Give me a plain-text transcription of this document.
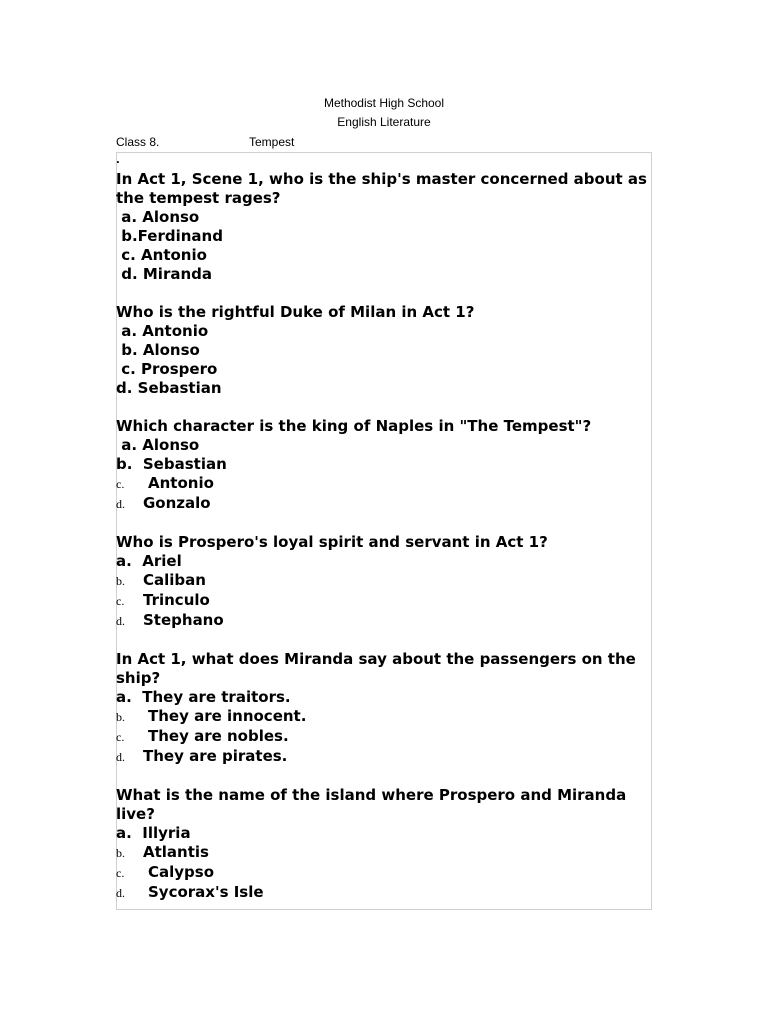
Methodist High School
English Literature
Class 8.	Tempest
.

In Act 1, Scene 1, who is the ship's master concerned about as the tempest rages?

a. Alonso
b.Ferdinand
c. Antonio
d. Miranda

Who is the rightful Duke of Milan in Act 1?

a. Antonio
b. Alonso
c. Prospero
d. Sebastian

Which character is the king of Naples in "The Tempest"?

a. Alonso
b.  Sebastian
c. Antonio
d. Gonzalo

Who is Prospero's loyal spirit and servant in Act 1?

a.  Ariel
b. Caliban
c. Trinculo
d. Stephano

In Act 1, what does Miranda say about the passengers on the ship?

a.  They are traitors.
b. They are innocent.
c. They are nobles.
d. They are pirates.

What is the name of the island where Prospero and Miranda live?

a.  Illyria
b. Atlantis
c. Calypso
d. Sycorax's Isle
